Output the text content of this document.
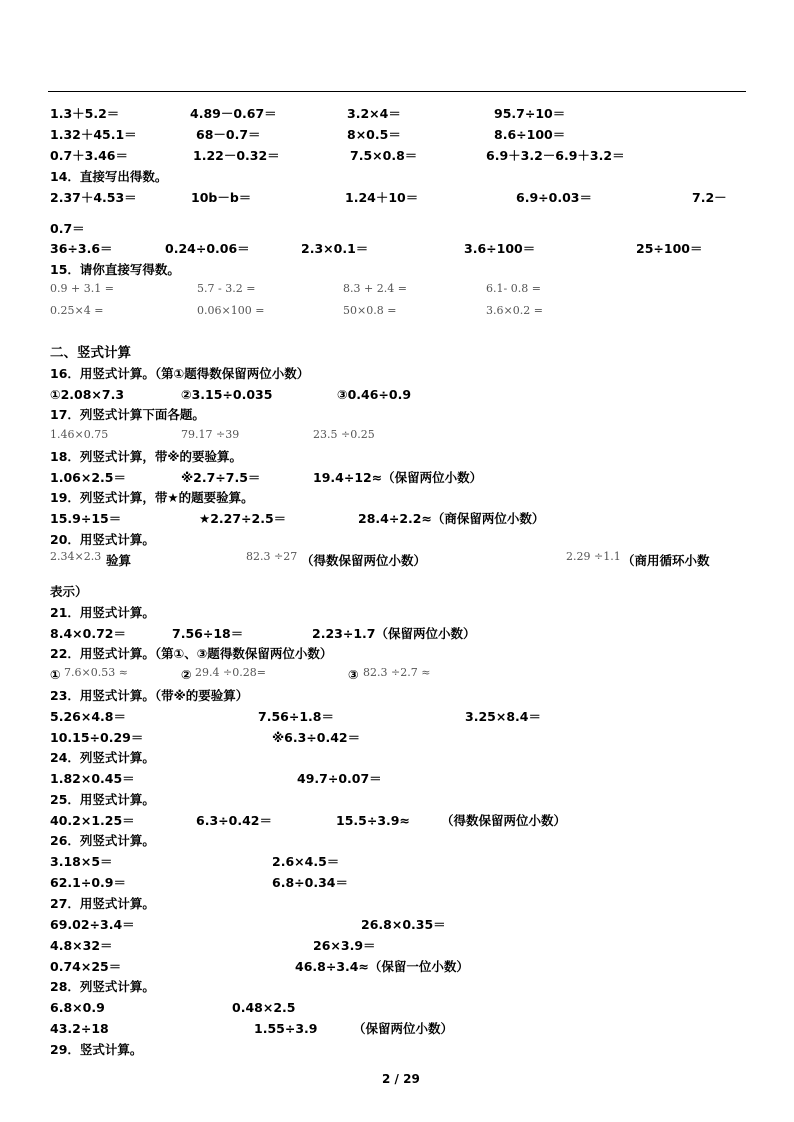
1.3＋5.2＝	4.89－0.67＝	3.2×4＝	95.7÷10＝
1.32＋45.1＝	68－0.7＝	8×0.5＝	8.6÷100＝
0.7＋3.46＝	1.22－0.32＝	7.5×0.8＝	6.9＋3.2－6.9＋3.2＝
14．直接写出得数。
2.37＋4.53＝	10b－b＝	1.24＋10＝	6.9÷0.03＝	7.2－
0.7＝
36÷3.6＝	0.24÷0.06＝	2.3×0.1＝	3.6÷100＝	25÷100＝
15．请你直接写得数。
0.9 + 3.1 =	5.7 - 3.2 =	8.3 + 2.4 =	6.1- 0.8 =
0.25×4 =	0.06×100 =	50×0.8 =	3.6×0.2 =
二、竖式计算
16．用竖式计算。（第①题得数保留两位小数）
①2.08×7.3	②3.15÷0.035	③0.46÷0.9
17．列竖式计算下面各题。
1.46×0.75	79.17 ÷39	23.5 ÷0.25
18．列竖式计算，带※的要验算。
1.06×2.5＝	※2.7÷7.5＝	19.4÷12≈（保留两位小数）
19．列竖式计算，带★的题要验算。
15.9÷15＝	★2.27÷2.5＝	28.4÷2.2≈（商保留两位小数）
20．用竖式计算。
2.34×2.3 验算	82.3 ÷27 （得数保留两位小数）	2.29 ÷1.1 （商用循环小数
表示）
21．用竖式计算。
8.4×0.72＝	7.56÷18＝	2.23÷1.7（保留两位小数）
22．用竖式计算。（第①、③题得数保留两位小数）
① 7.6×0.53 ≈	② 29.4 ÷0.28=	③ 82.3 ÷2.7 ≈
23．用竖式计算。（带※的要验算）
5.26×4.8＝	7.56÷1.8＝	3.25×8.4＝
10.15÷0.29＝	※6.3÷0.42＝
24．列竖式计算。
1.82×0.45＝	49.7÷0.07＝
25．用竖式计算。
40.2×1.25＝	6.3÷0.42＝	15.5÷3.9≈ （得数保留两位小数）
26．列竖式计算。
3.18×5＝	2.6×4.5＝
62.1÷0.9＝	6.8÷0.34＝
27．用竖式计算。
69.02÷3.4＝	26.8×0.35＝
4.8×32＝	26×3.9＝
0.74×25＝	46.8÷3.4≈（保留一位小数）
28．列竖式计算。
6.8×0.9	0.48×2.5
43.2÷18	1.55÷3.9	（保留两位小数）
29．竖式计算。
2 / 29
